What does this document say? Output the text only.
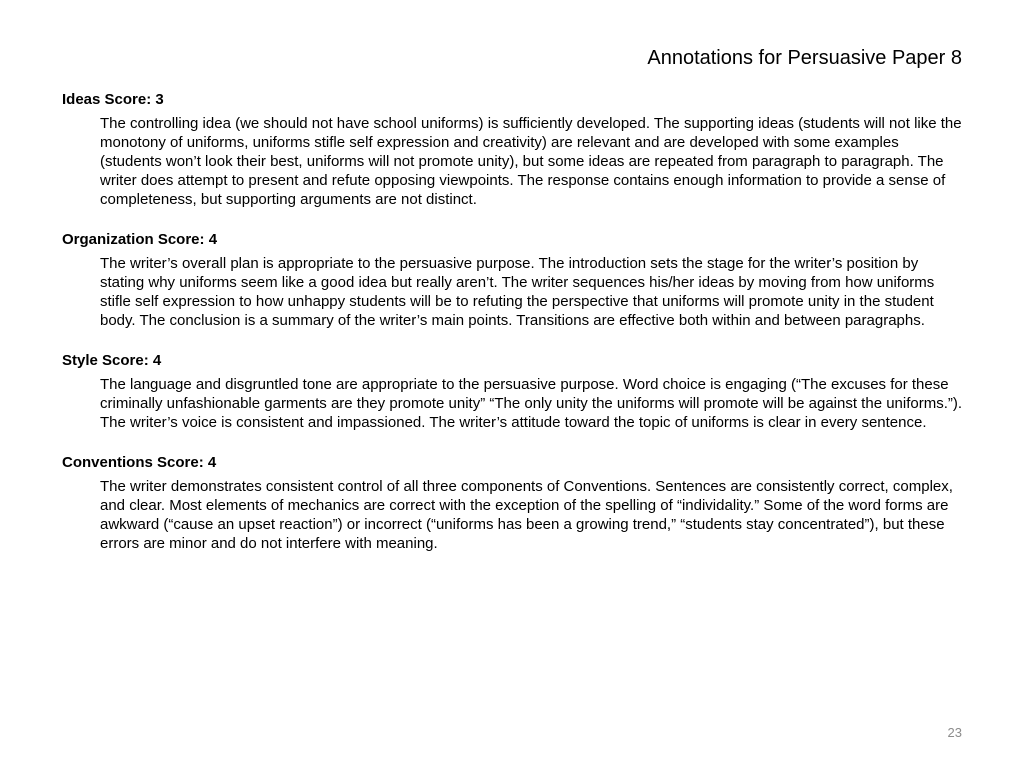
Annotations for Persuasive Paper 8

Ideas Score: 3

The controlling idea (we should not have school uniforms) is sufficiently developed. The supporting ideas (students will not like the monotony of uniforms, uniforms stifle self expression and creativity) are relevant and are developed with some examples (students won’t look their best, uniforms will not promote unity), but some ideas are repeated from paragraph to paragraph. The writer does attempt to present and refute opposing viewpoints. The response contains enough information to provide a sense of completeness, but supporting arguments are not distinct.

Organization Score: 4

The writer’s overall plan is appropriate to the persuasive purpose. The introduction sets the stage for the writer’s position by stating why uniforms seem like a good idea but really aren’t. The writer sequences his/her ideas by moving from how uniforms stifle self expression to how unhappy students will be to refuting the perspective that uniforms will promote unity in the student body. The conclusion is a summary of the writer’s main points. Transitions are effective both within and between paragraphs.

Style Score: 4

The language and disgruntled tone are appropriate to the persuasive purpose. Word choice is engaging (“The excuses for these criminally unfashionable garments are they promote unity” “The only unity the uniforms will promote will be against the uniforms.”). The writer’s voice is consistent and impassioned. The writer’s attitude toward the topic of uniforms is clear in every sentence.

Conventions Score: 4

The writer demonstrates consistent control of all three components of Conventions. Sentences are consistently correct, complex, and clear. Most elements of mechanics are correct with the exception of the spelling of “individality.” Some of the word forms are awkward (“cause an upset reaction”) or incorrect (“uniforms has been a growing trend,” “students stay concentrated”), but these errors are minor and do not interfere with meaning.

23
